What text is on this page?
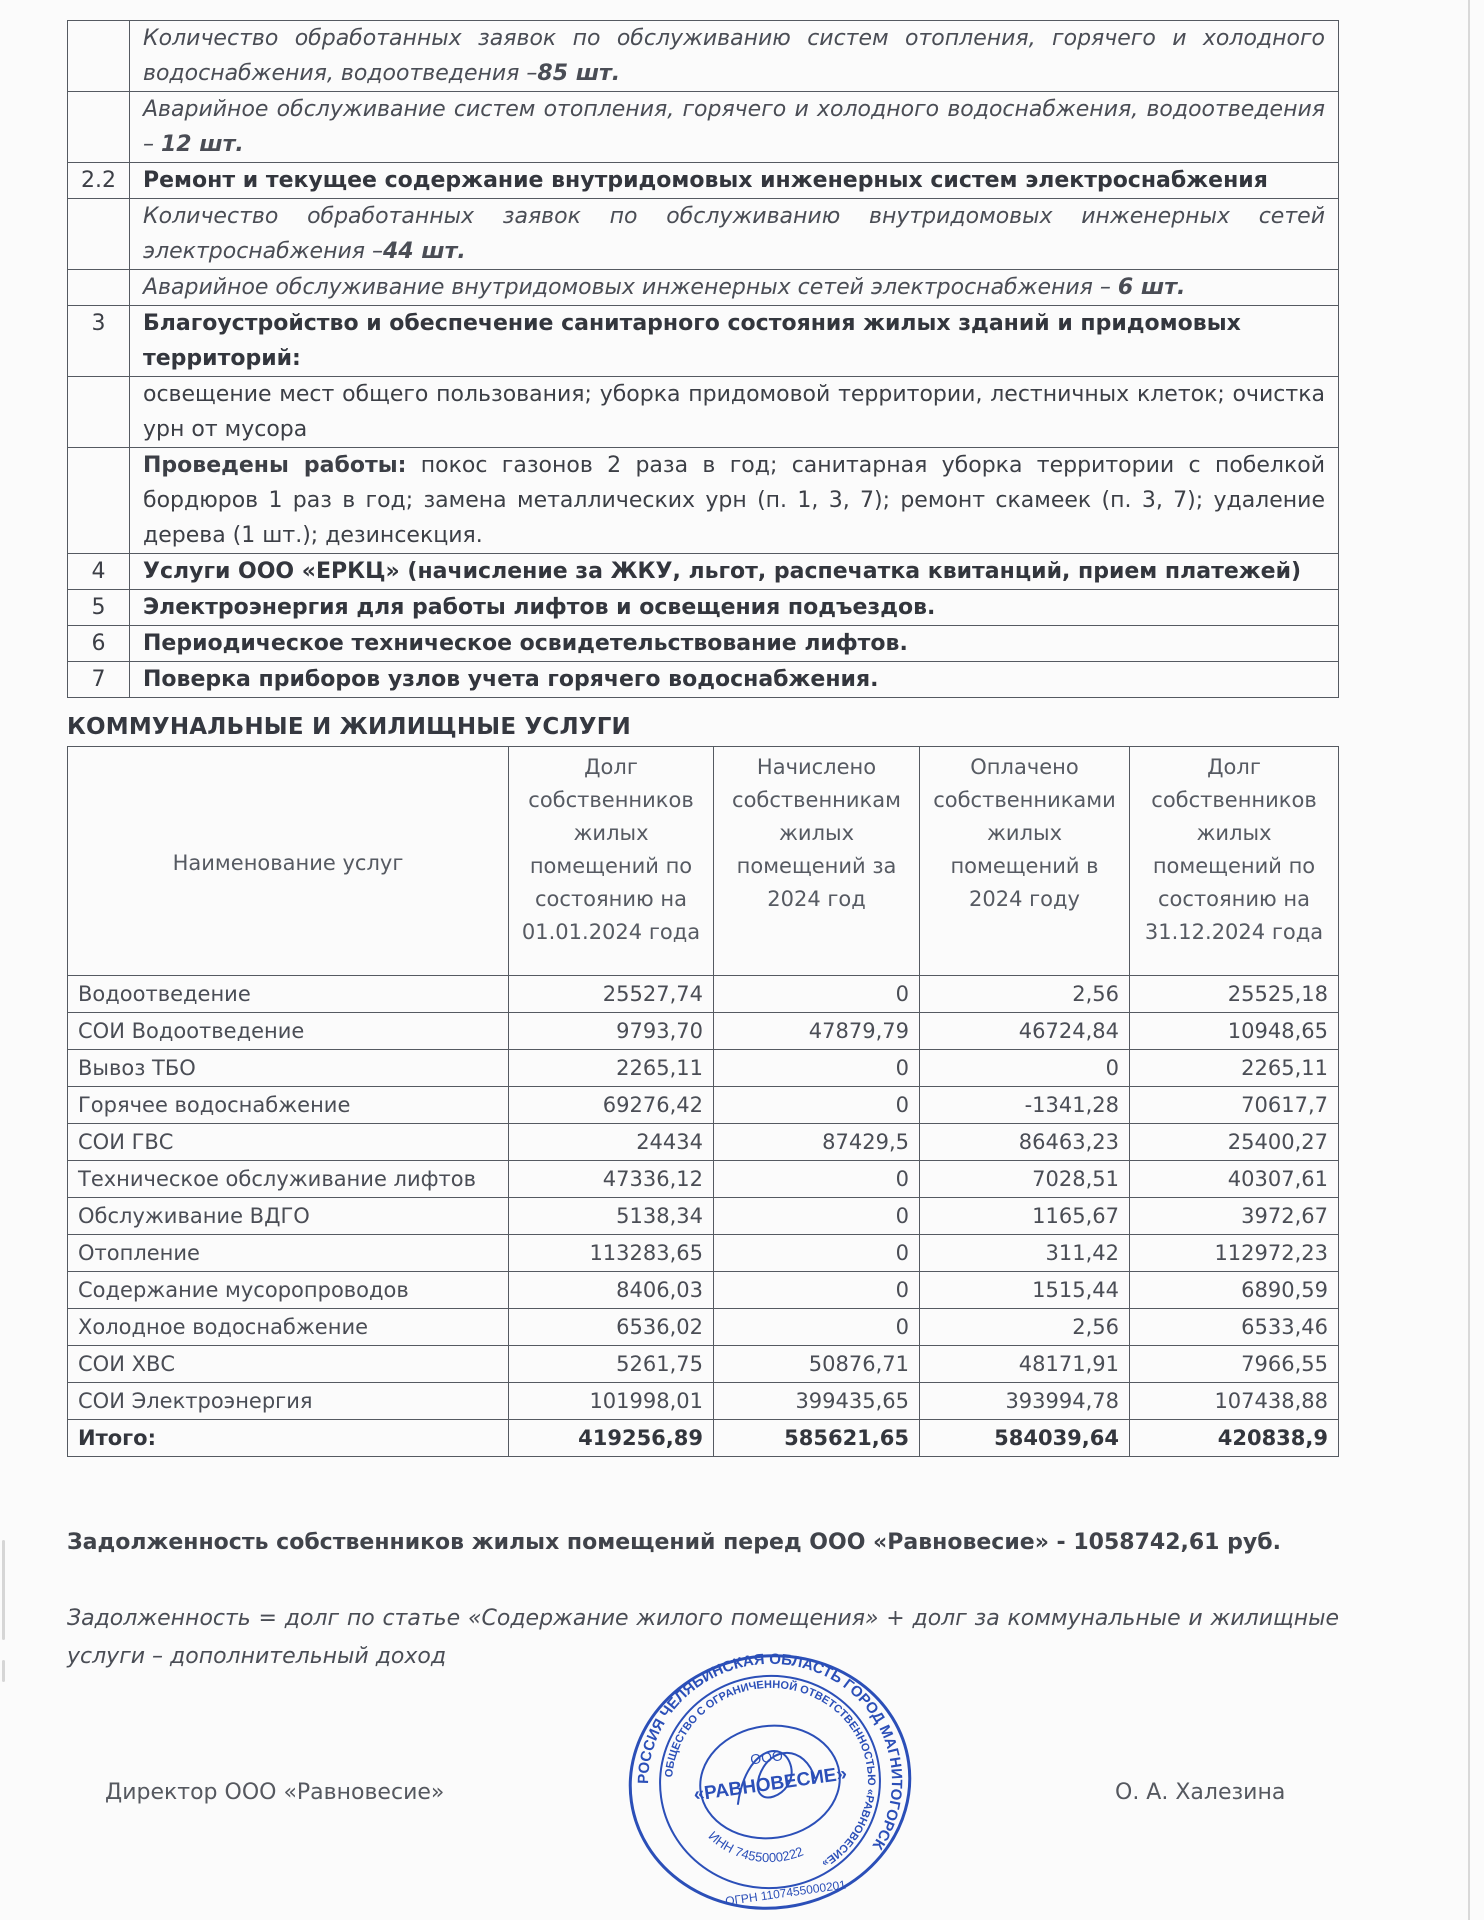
	Количество обработанных заявок по обслуживанию систем отопления, горячего и холодного водоснабжения, водоотведения –85 шт.
	Аварийное обслуживание систем отопления, горячего и холодного водоснабжения, водоотведения – 12 шт.
2.2	Ремонт и текущее содержание внутридомовых инженерных систем электроснабжения
	Количество обработанных заявок по обслуживанию внутридомовых инженерных сетей электроснабжения –44 шт.
	Аварийное обслуживание внутридомовых инженерных сетей электроснабжения – 6 шт.
3	Благоустройство и обеспечение санитарного состояния жилых зданий и придомовых территорий:
	освещение мест общего пользования; уборка придомовой территории, лестничных клеток; очистка урн от мусора
	Проведены работы: покос газонов 2 раза в год; санитарная уборка территории с побелкой бордюров 1 раз в год; замена металлических урн (п. 1, 3, 7); ремонт скамеек (п. 3, 7); удаление дерева (1 шт.); дезинсекция.
4	Услуги ООО «ЕРКЦ» (начисление за ЖКУ, льгот, распечатка квитанций, прием платежей)
5	Электроэнергия для работы лифтов и освещения подъездов.
6	Периодическое техническое освидетельствование лифтов.
7	Поверка приборов узлов учета горячего водоснабжения.
КОММУНАЛЬНЫЕ И ЖИЛИЩНЫЕ УСЛУГИ
Наименование услуг	Долг собственников жилых помещений по состоянию на 01.01.2024 года	Начислено собственникам жилых помещений за 2024 год	Оплачено собственниками жилых помещений в 2024 году	Долг собственников жилых помещений по состоянию на 31.12.2024 года
Водоотведение	25527,74	0	2,56	25525,18
СОИ Водоотведение	9793,70	47879,79	46724,84	10948,65
Вывоз ТБО	2265,11	0	0	2265,11
Горячее водоснабжение	69276,42	0	-1341,28	70617,7
СОИ ГВС	24434	87429,5	86463,23	25400,27
Техническое обслуживание лифтов	47336,12	0	7028,51	40307,61
Обслуживание ВДГО	5138,34	0	1165,67	3972,67
Отопление	113283,65	0	311,42	112972,23
Содержание мусоропроводов	8406,03	0	1515,44	6890,59
Холодное водоснабжение	6536,02	0	2,56	6533,46
СОИ ХВС	5261,75	50876,71	48171,91	7966,55
СОИ Электроэнергия	101998,01	399435,65	393994,78	107438,88
Итого:	419256,89	585621,65	584039,64	420838,9
Задолженность собственников жилых помещений перед ООО «Равновесие» - 1058742,61 руб.
Задолженность = долг по статье «Содержание жилого помещения» + долг за коммунальные и жилищные услуги – дополнительный доход
Директор ООО «Равновесие»	О. А. Халезина
РОССИЯ ЧЕЛЯБИНСКАЯ ОБЛАСТЬ ГОРОД МАГНИТОГОРСК
ОБЩЕСТВО С ОГРАНИЧЕННОЙ ОТВЕТСТВЕННОСТЬЮ «РАВНОВЕСИЕ»
ООО
«РАВНОВЕСИЕ»
ИНН 7455000222
ОГРН 1107455000201
